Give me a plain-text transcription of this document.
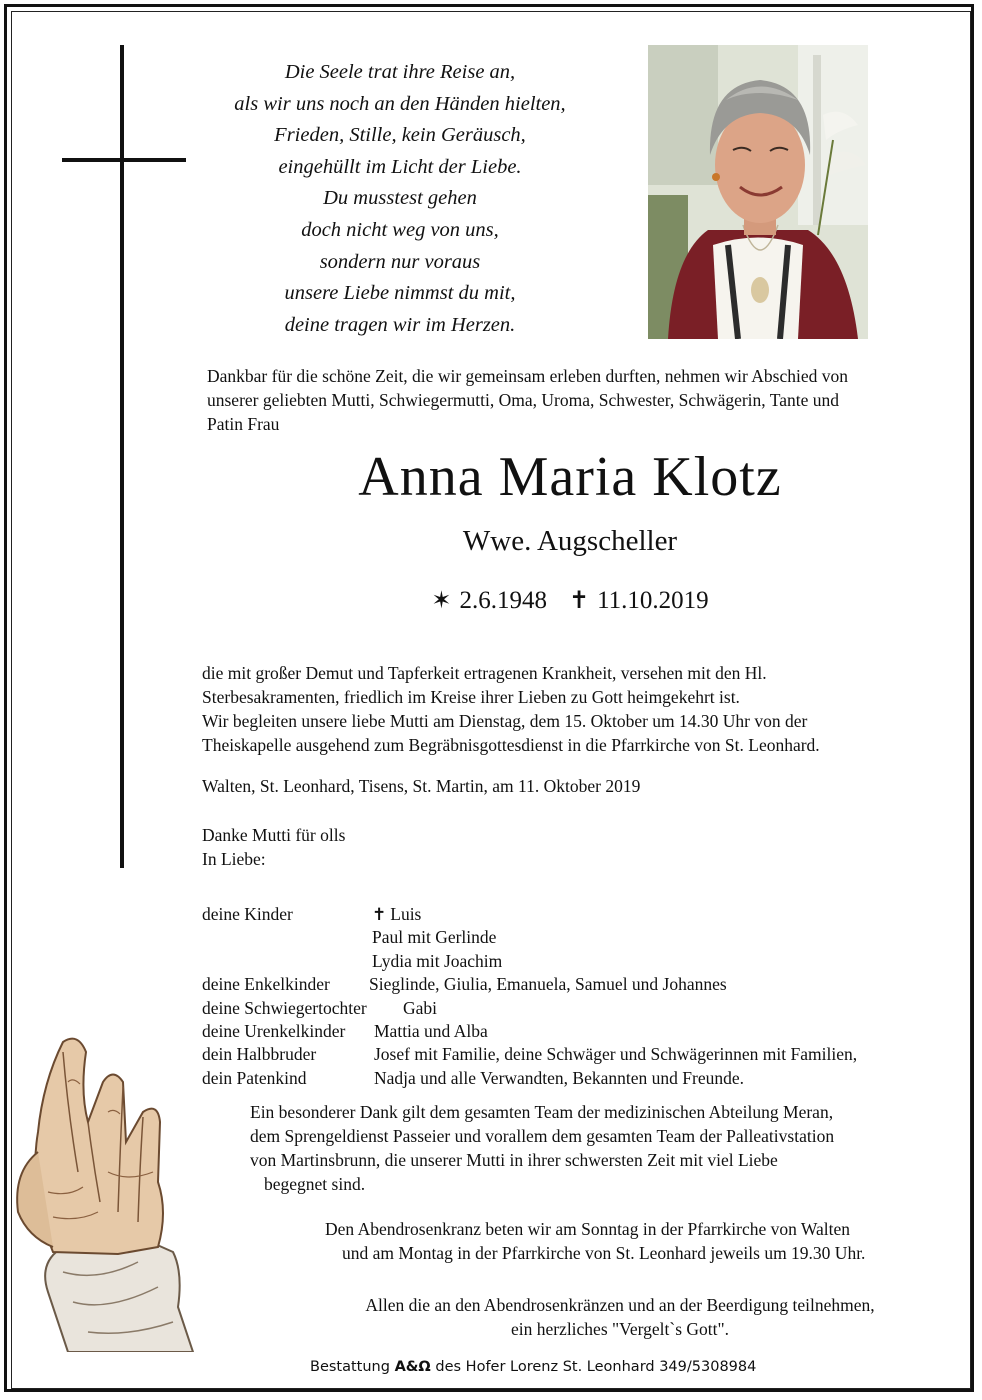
Die Seele trat ihre Reise an,
als wir uns noch an den Händen hielten,
Frieden, Stille, kein Geräusch,
eingehüllt im Licht der Liebe.
Du musstest gehen
doch nicht weg von uns,
sondern nur voraus
unsere Liebe nimmst du mit,
deine tragen wir im Herzen.
Dankbar für die schöne Zeit, die wir gemeinsam erleben durften, nehmen wir Abschied von
unserer geliebten Mutti, Schwiegermutti, Oma, Uroma, Schwester, Schwägerin, Tante und
Patin Frau
Anna Maria Klotz
Wwe. Augscheller
✶ 2.6.1948 ✝ 11.10.2019
die mit großer Demut und Tapferkeit ertragenen Krankheit, versehen mit den Hl.
Sterbesakramenten, friedlich im Kreise ihrer Lieben zu Gott heimgekehrt ist.
Wir begleiten unsere liebe Mutti am Dienstag, dem 15. Oktober um 14.30 Uhr von der
Theiskapelle ausgehend zum Begräbnisgottesdienst in die Pfarrkirche von St. Leonhard.
Walten, St. Leonhard, Tisens, St. Martin, am 11. Oktober 2019
Danke Mutti für olls
In Liebe:
deine Kinder	✝ Luis
Paul mit Gerlinde
Lydia mit Joachim
deine Enkelkinder Sieglinde, Giulia, Emanuela, Samuel und Johannes
deine Schwiegertochter Gabi
deine Urenkelkinder Mattia und Alba
dein Halbbruder	Josef mit Familie, deine Schwäger und Schwägerinnen mit Familien,
dein Patenkind	Nadja und alle Verwandten, Bekannten und Freunde.
Ein besonderer Dank gilt dem gesamten Team der medizinischen Abteilung Meran,
dem Sprengeldienst Passeier und vorallem dem gesamten Team der Palleativstation
von Martinsbrunn, die unserer Mutti in ihrer schwersten Zeit mit viel Liebe
begegnet sind.
Den Abendrosenkranz beten wir am Sonntag in der Pfarrkirche von Walten
und am Montag in der Pfarrkirche von St. Leonhard jeweils um 19.30 Uhr.
Allen die an den Abendrosenkränzen und an der Beerdigung teilnehmen,
ein herzliches "Vergelt`s Gott".
Bestattung A&Ω des Hofer Lorenz St. Leonhard 349/5308984
